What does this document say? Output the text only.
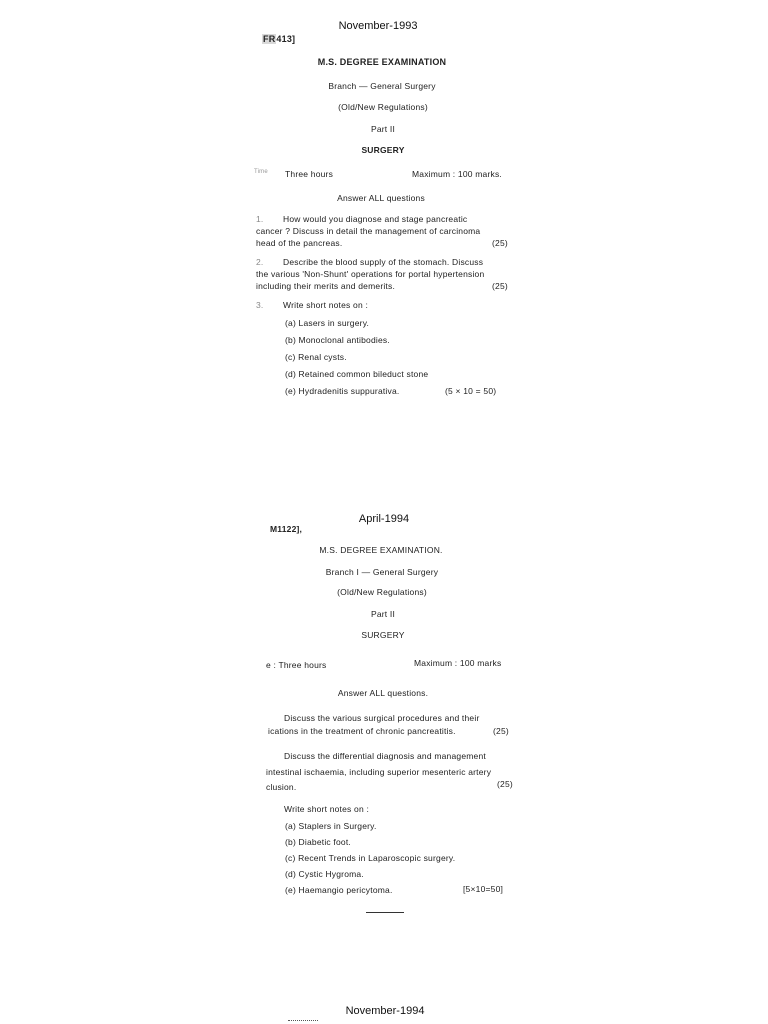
November-1993
FR413]
M.S. DEGREE EXAMINATION
Branch — General Surgery
(Old/New Regulations)
Part II
SURGERY
Time Three hours	Maximum : 100 marks.
Answer ALL questions
1. How would you diagnose and stage pancreatic
cancer ? Discuss in detail the management of carcinoma
head of the pancreas.	(25)
2. Describe the blood supply of the stomach. Discuss
the various 'Non-Shunt' operations for portal hypertension
including their merits and demerits.	(25)
3. Write short notes on :
(a) Lasers in surgery.
(b) Monoclonal antibodies.
(c) Renal cysts.
(d) Retained common bileduct stone
(e) Hydradenitis suppurativa.	(5 × 10 = 50)
April-1994
M1122],
M.S. DEGREE EXAMINATION.
Branch I — General Surgery
(Old/New Regulations)
Part II
SURGERY
e : Three hours	Maximum : 100 marks
Answer ALL questions.
Discuss the various surgical procedures and their
ications in the treatment of chronic pancreatitis.	(25)
Discuss the differential diagnosis and management
intestinal ischaemia, including superior mesenteric artery
clusion.	(25)
Write short notes on :
(a) Staplers in Surgery.
(b) Diabetic foot.
(c) Recent Trends in Laparoscopic surgery.
(d) Cystic Hygroma.
(e) Haemangio pericytoma.	[5×10=50]
November-1994
